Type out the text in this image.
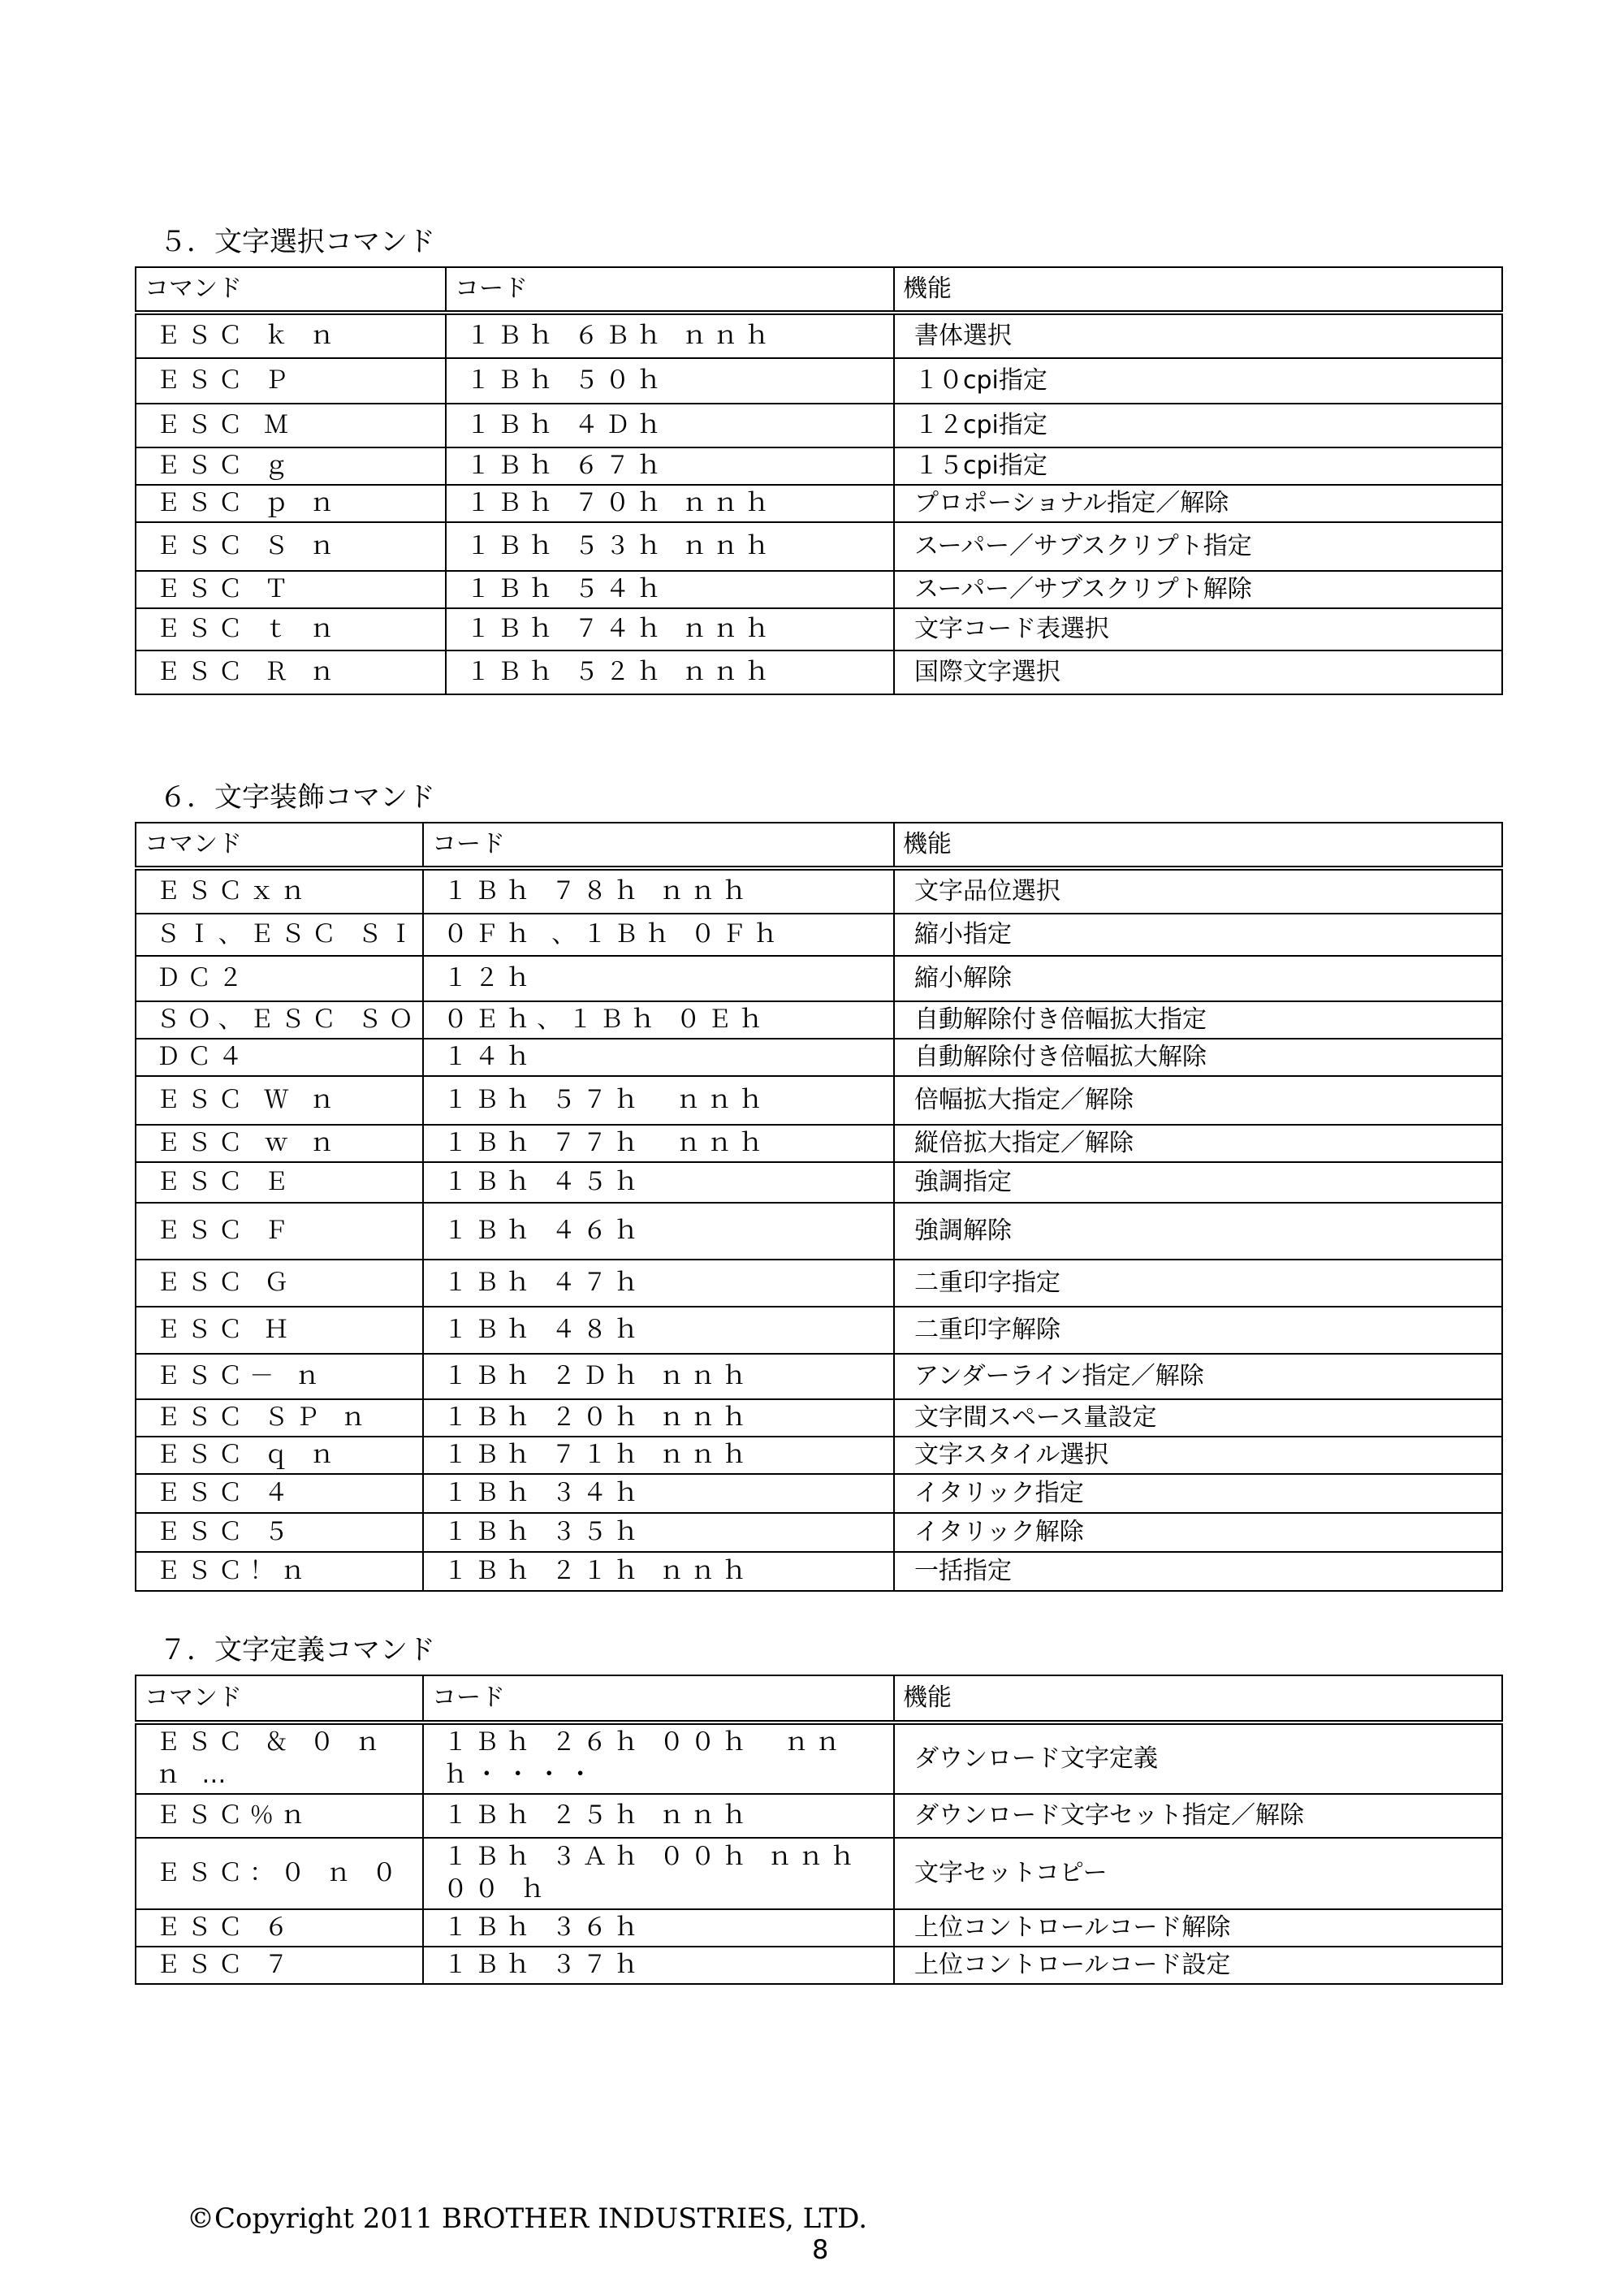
５．文字選択コマンド
コマンド	コード	機能
ＥＳＣ ｋ ｎ	１Ｂｈ ６Ｂｈ ｎｎｈ	書体選択
ＥＳＣ Ｐ	１Ｂｈ ５０ｈ	１０cpi指定
ＥＳＣ Ｍ	１Ｂｈ ４Ｄｈ	１２cpi指定
ＥＳＣ ｇ	１Ｂｈ ６７ｈ	１５cpi指定
ＥＳＣ ｐ ｎ	１Ｂｈ ７０ｈ ｎｎｈ	プロポーショナル指定／解除
ＥＳＣ Ｓ ｎ	１Ｂｈ ５３ｈ ｎｎｈ	スーパー／サブスクリプト指定
ＥＳＣ Ｔ	１Ｂｈ ５４ｈ	スーパー／サブスクリプト解除
ＥＳＣ ｔ ｎ	１Ｂｈ ７４ｈ ｎｎｈ	文字コード表選択
ＥＳＣ Ｒ ｎ	１Ｂｈ ５２ｈ ｎｎｈ	国際文字選択
６．文字装飾コマンド
コマンド	コード	機能
ＥＳＣｘｎ	１Ｂｈ ７８ｈ ｎｎｈ	文字品位選択
ＳＩ、ＥＳＣ ＳＩ	０Ｆｈ 、１Ｂｈ ０Ｆｈ	縮小指定
ＤＣ２	１２ｈ	縮小解除
ＳＯ、ＥＳＣ ＳＯ	０Ｅｈ、１Ｂｈ ０Ｅｈ	自動解除付き倍幅拡大指定
ＤＣ４	１４ｈ	自動解除付き倍幅拡大解除
ＥＳＣ Ｗ ｎ	１Ｂｈ ５７ｈ　ｎｎｈ	倍幅拡大指定／解除
ＥＳＣ ｗ ｎ	１Ｂｈ ７７ｈ　ｎｎｈ	縦倍拡大指定／解除
ＥＳＣ Ｅ	１Ｂｈ ４５ｈ	強調指定
ＥＳＣ Ｆ	１Ｂｈ ４６ｈ	強調解除
ＥＳＣ Ｇ	１Ｂｈ ４７ｈ	二重印字指定
ＥＳＣ Ｈ	１Ｂｈ ４８ｈ	二重印字解除
ＥＳＣ－ ｎ	１Ｂｈ ２Ｄｈ ｎｎｈ	アンダーライン指定／解除
ＥＳＣ ＳＰ ｎ	１Ｂｈ ２０ｈ ｎｎｈ	文字間スペース量設定
ＥＳＣ ｑ ｎ	１Ｂｈ ７１ｈ ｎｎｈ	文字スタイル選択
ＥＳＣ ４	１Ｂｈ ３４ｈ	イタリック指定
ＥＳＣ ５	１Ｂｈ ３５ｈ	イタリック解除
ＥＳＣ！ｎ	１Ｂｈ ２１ｈ ｎｎｈ	一括指定
７．文字定義コマンド
コマンド	コード	機能
ＥＳＣ ＆ ０ ｎ ｎ …	１Ｂｈ ２６ｈ ００ｈ　ｎｎ ｈ・・・・	ダウンロード文字定義
ＥＳＣ％ｎ	１Ｂｈ ２５ｈ ｎｎｈ	ダウンロード文字セット指定／解除
ＥＳＣ：０ ｎ ０	１Ｂｈ ３Ａｈ ００ｈ ｎｎｈ ００ ｈ	文字セットコピー
ＥＳＣ ６	１Ｂｈ ３６ｈ	上位コントロールコード解除
ＥＳＣ ７	１Ｂｈ ３７ｈ	上位コントロールコード設定
©Copyright 2011 BROTHER INDUSTRIES, LTD.
8
